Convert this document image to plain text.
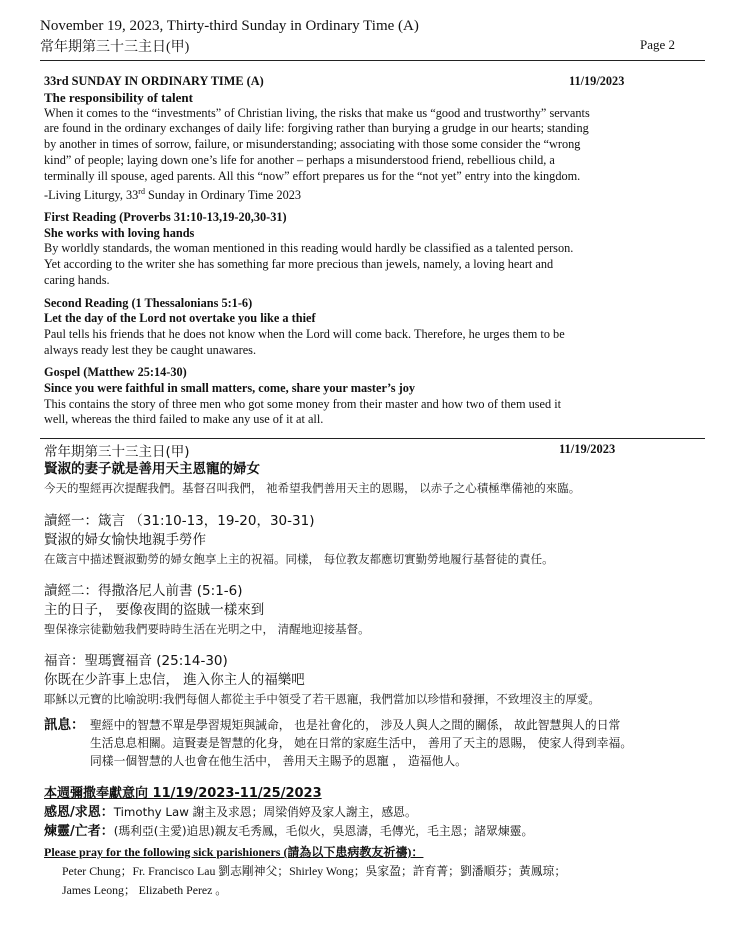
November 19, 2023, Thirty-third Sunday in Ordinary Time (A)
常年期第三十三主日(甲)	Page 2
33rd SUNDAY IN ORDINARY TIME (A)	11/19/2023
The responsibility of talent
When it comes to the “investments” of Christian living, the risks that make us “good and trustworthy” servants
are found in the ordinary exchanges of daily life: forgiving rather than burying a grudge in our hearts; standing
by another in times of sorrow, failure, or misunderstanding; associating with those some consider the “wrong
kind” of people; laying down one’s life for another – perhaps a misunderstood friend, rebellious child, a
terminally ill spouse, aged parents. All this “now” effort prepares us for the “not yet” entry into the kingdom.
-Living Liturgy, 33rd Sunday in Ordinary Time 2023
First Reading (Proverbs 31:10-13,19-20,30-31)
She works with loving hands
By worldly standards, the woman mentioned in this reading would hardly be classified as a talented person.
Yet according to the writer she has something far more precious than jewels, namely, a loving heart and
caring hands.
Second Reading (1 Thessalonians 5:1-6)
Let the day of the Lord not overtake you like a thief
Paul tells his friends that he does not know when the Lord will come back. Therefore, he urges them to be
always ready lest they be caught unawares.
Gospel (Matthew 25:14-30)
Since you were faithful in small matters, come, share your master’s joy
This contains the story of three men who got some money from their master and how two of them used it
well, whereas the third failed to make any use of it at all.
常年期第三十三主日(甲)	11/19/2023
賢淑的妻子就是善用天主恩寵的婦女
今天的聖經再次提醒我們。基督召叫我們， 祂希望我們善用天主的恩賜， 以赤子之心積極準備祂的來臨。
讀經一：箴言 （31:10-13，19-20，30-31)
賢淑的婦女愉快地親手勞作
在箴言中描述賢淑勤勞的婦女飽享上主的祝福。同樣， 每位教友都應切實勤勞地履行基督徒的責任。
讀經二：得撒洛尼人前書 (5:1-6)
主的日子， 要像夜間的盜賊一樣來到
聖保祿宗徒勸勉我們要時時生活在光明之中， 清醒地迎接基督。
福音：聖瑪竇福音 (25:14-30)
你既在少許事上忠信， 進入你主人的福樂吧
耶穌以元寶的比喻說明:我們每個人都從主手中領受了若干恩寵，我們當加以珍惜和發揮，不致埋沒主的厚愛。
訊息： 聖經中的智慧不單是學習規矩與誡命， 也是社會化的， 涉及人與人之間的關係， 故此智慧與人的日常
生活息息相關。這賢妻是智慧的化身， 她在日常的家庭生活中， 善用了天主的恩賜， 使家人得到幸福。
同樣一個智慧的人也會在他生活中， 善用天主賜予的恩寵 ， 造福他人。
本週彌撒奉獻意向 11/19/2023-11/25/2023
感恩/求恩：Timothy Law 謝主及求恩；周梁俏婷及家人謝主，感恩。
煉靈/亡者：(瑪利亞(主愛)追思)親友毛秀鳳，毛似火，吳恩濤，毛傳光，毛主恩；諸眾煉靈。
Please pray for the following sick parishioners (請為以下患病教友祈禱)：
Peter Chung；Fr. Francisco Lau 劉志剛神父；Shirley Wong；吳家盈；許育菁；劉潘順芬；黃鳳琼；
James Leong； Elizabeth Perez 。
